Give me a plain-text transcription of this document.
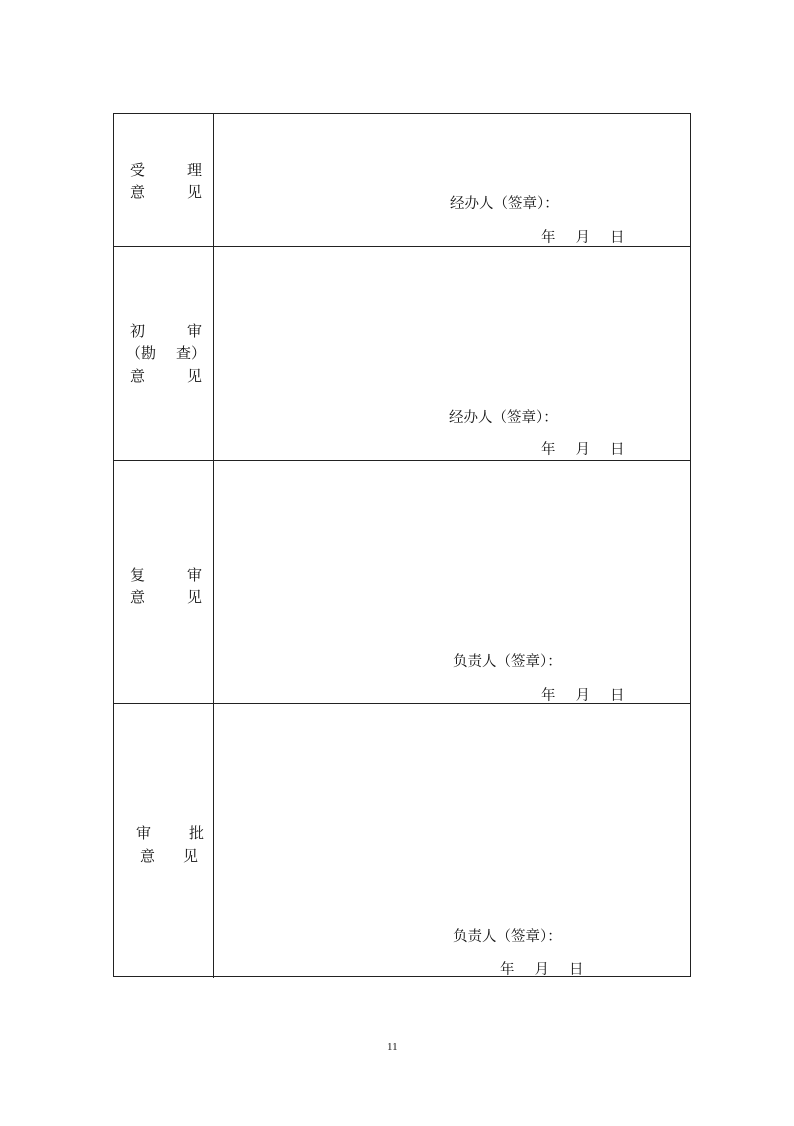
受	理
意	见
经办人（签章）：
年 月 日
初	审
（勘 查）
意	见
经办人（签章）：
年 月 日
复	审
意	见
负责人（签章）：
年 月 日
审	批
意 见
负责人（签章）：
年 月 日
11
